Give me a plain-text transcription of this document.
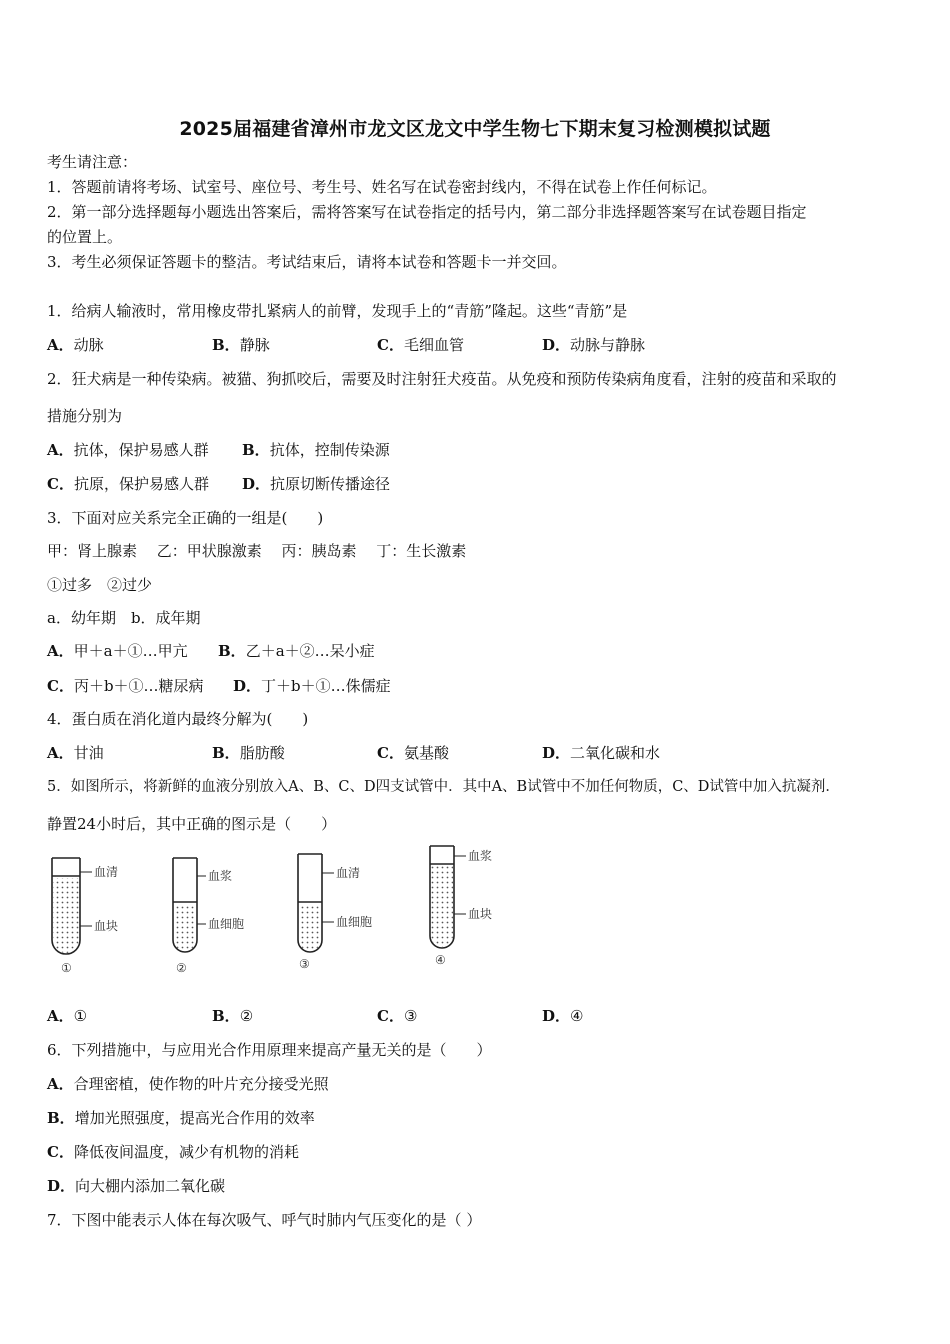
2025届福建省漳州市龙文区龙文中学生物七下期末复习检测模拟试题
考生请注意：
1．答题前请将考场、试室号、座位号、考生号、姓名写在试卷密封线内，不得在试卷上作任何标记。
2．第一部分选择题每小题选出答案后，需将答案写在试卷指定的括号内，第二部分非选择题答案写在试卷题目指定
的位置上。
3．考生必须保证答题卡的整洁。考试结束后，请将本试卷和答题卡一并交回。
1．给病人输液时，常用橡皮带扎紧病人的前臂，发现手上的“青筋”隆起。这些“青筋”是
A．动脉	B．静脉	C．毛细血管	D．动脉与静脉
2．狂犬病是一种传染病。被猫、狗抓咬后，需要及时注射狂犬疫苗。从免疫和预防传染病角度看，注射的疫苗和采取的
措施分别为
A．抗体，保护易感人群 B．抗体，控制传染源
C．抗原，保护易感人群 D．抗原切断传播途径
3．下面对应关系完全正确的一组是(　　)
甲：肾上腺素　 乙：甲状腺激素　 丙：胰岛素　 丁：生长激素
①过多　②过少
a．幼年期　b．成年期
A．甲＋a＋①…甲亢 B．乙＋a＋②…呆小症
C．丙＋b＋①…糖尿病 D．丁＋b＋①…侏儒症
4．蛋白质在消化道内最终分解为(　　)
A．甘油	B．脂肪酸	C．氨基酸	D．二氧化碳和水
5．如图所示，将新鲜的血液分别放入A、B、C、D四支试管中．其中A、B试管中不加任何物质，C、D试管中加入抗凝剂．
静置24小时后，其中正确的图示是（　　）
血清
血块
①
血浆
血细胞
②
血清
血细胞
③
血浆
血块
④
A．①	B．②	C．③	D．④
6．下列措施中，与应用光合作用原理来提高产量无关的是（　　）
A．合理密植，使作物的叶片充分接受光照
B．增加光照强度，提高光合作用的效率
C．降低夜间温度，减少有机物的消耗
D．向大棚内添加二氧化碳
7．下图中能表示人体在每次吸气、呼气时肺内气压变化的是（ ）
